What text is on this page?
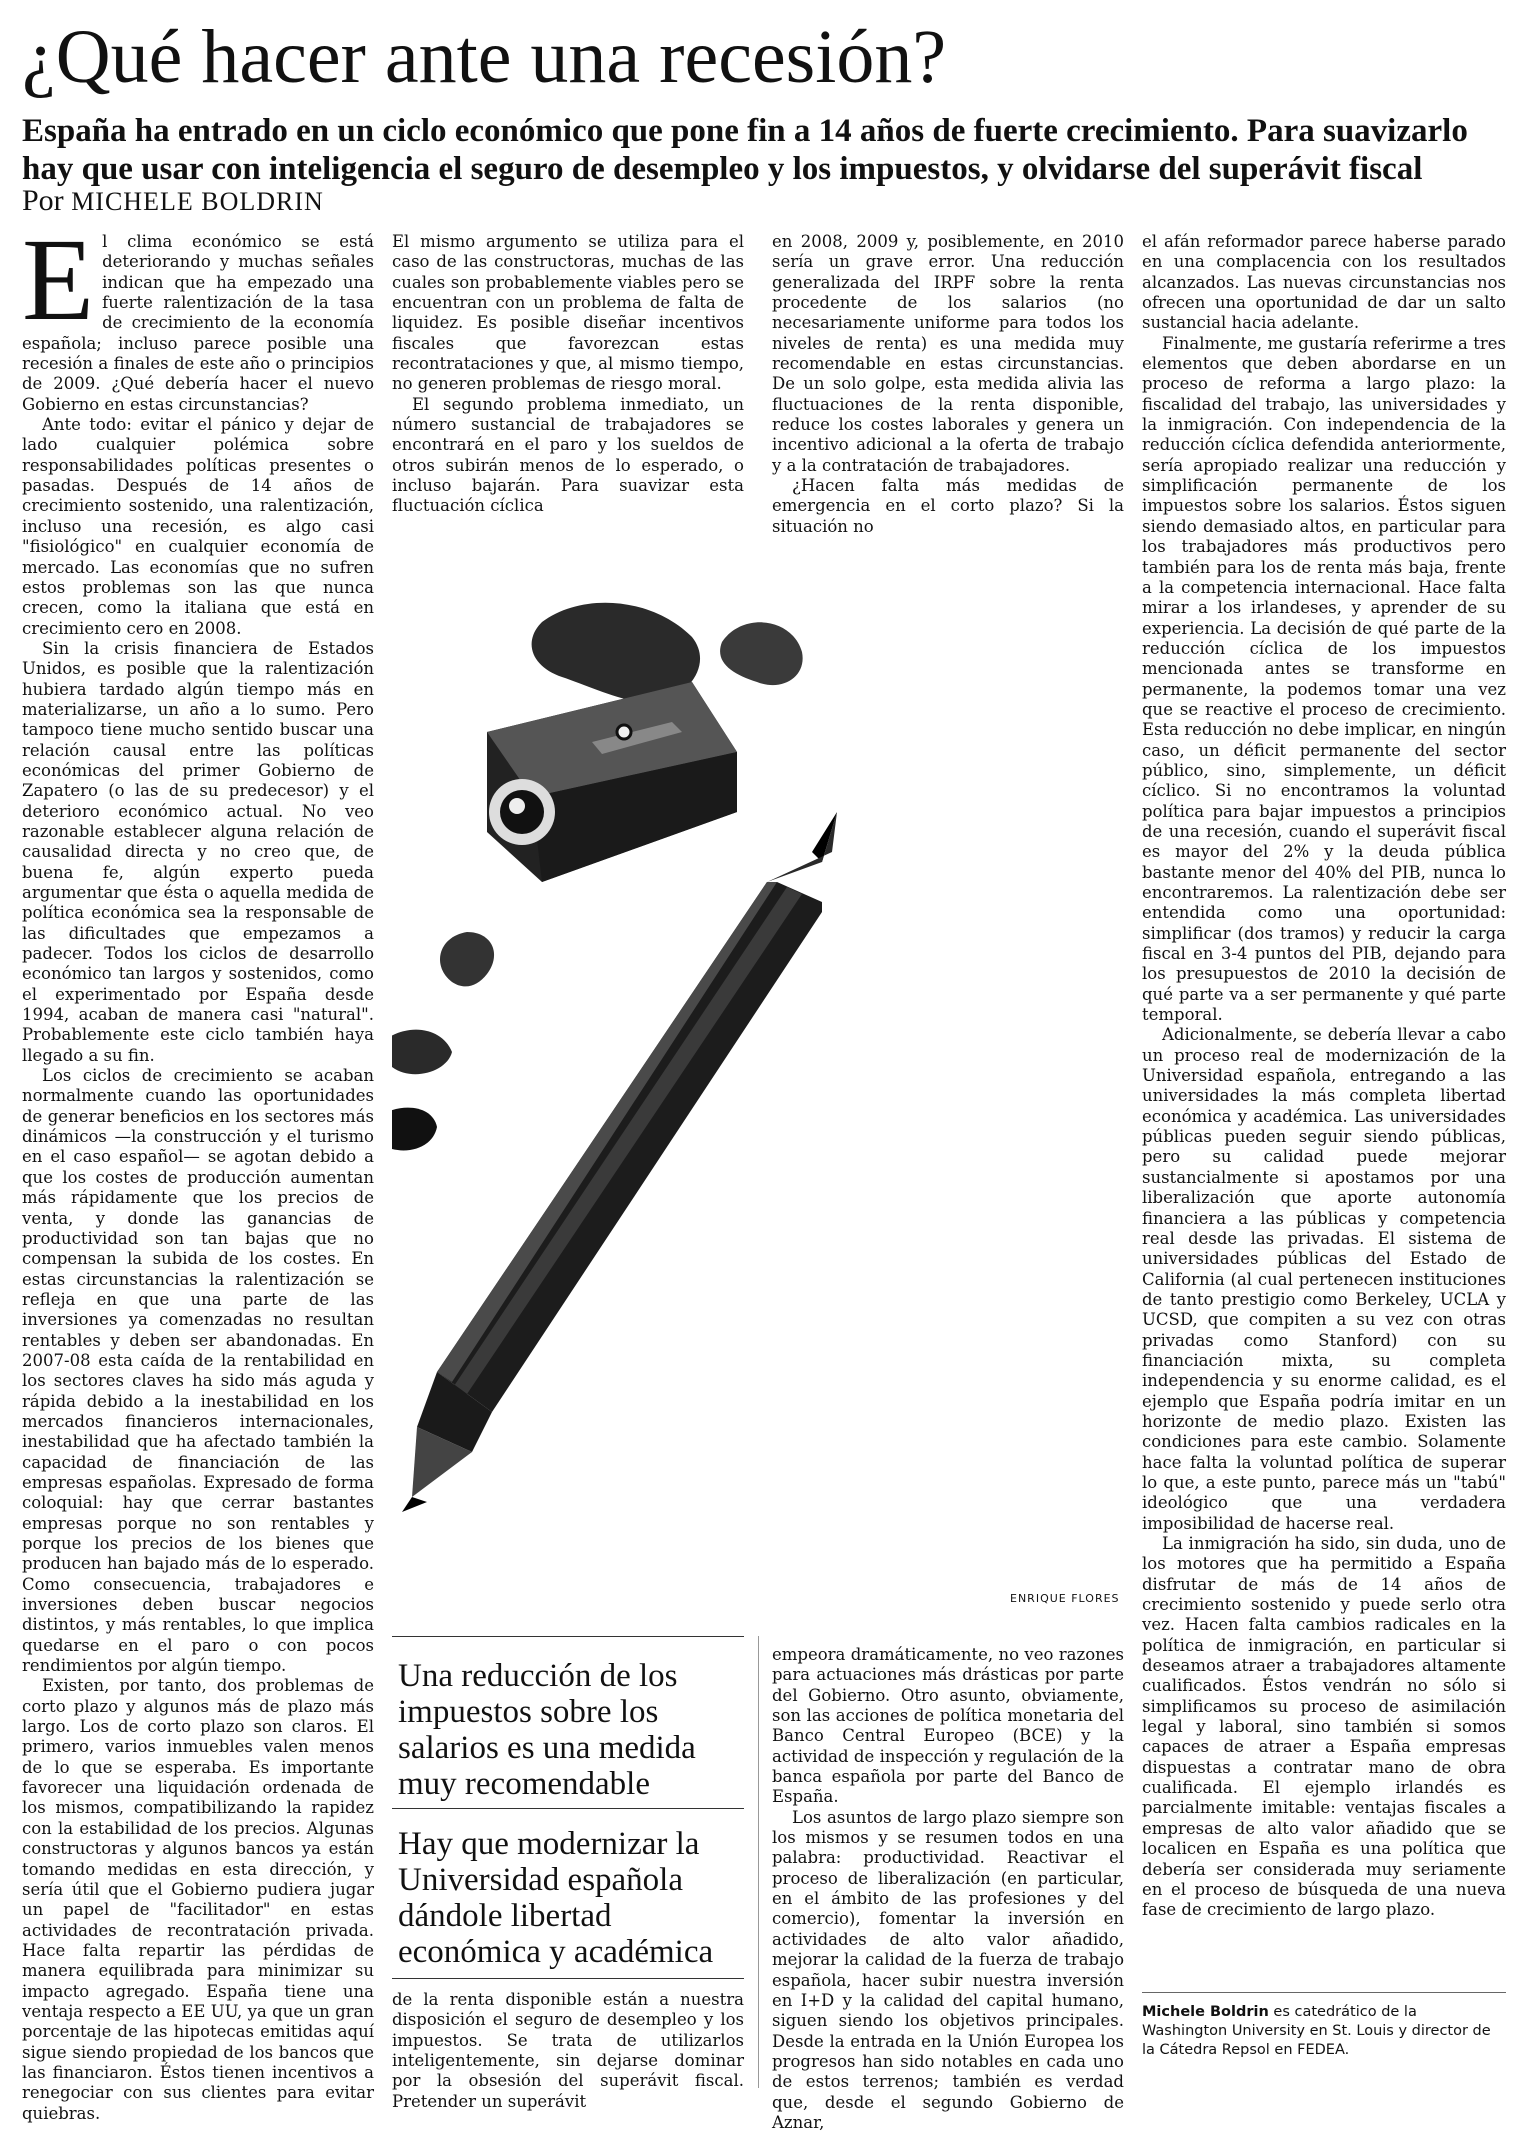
¿Qué hacer ante una recesión?

España ha entrado en un ciclo económico que pone fin a 14 años de fuerte crecimiento. Para suavizarlo hay que usar con inteligencia el seguro de desempleo y los impuestos, y olvidarse del superávit fiscal

Por MICHELE BOLDRIN

El clima económico se está deteriorando y muchas señales indican que ha empezado una fuerte ralentización de la tasa de crecimiento de la economía española; incluso parece posible una recesión a finales de este año o principios de 2009. ¿Qué debería hacer el nuevo Gobierno en estas circunstancias?

Ante todo: evitar el pánico y dejar de lado cualquier polémica sobre responsabilidades políticas presentes o pasadas. Después de 14 años de crecimiento sostenido, una ralentización, incluso una recesión, es algo casi "fisiológico" en cualquier economía de mercado. Las economías que no sufren estos problemas son las que nunca crecen, como la italiana que está en crecimiento cero en 2008.

Sin la crisis financiera de Estados Unidos, es posible que la ralentización hubiera tardado algún tiempo más en materializarse, un año a lo sumo. Pero tampoco tiene mucho sentido buscar una relación causal entre las políticas económicas del primer Gobierno de Zapatero (o las de su predecesor) y el deterioro económico actual. No veo razonable establecer alguna relación de causalidad directa y no creo que, de buena fe, algún experto pueda argumentar que ésta o aquella medida de política económica sea la responsable de las dificultades que empezamos a padecer. Todos los ciclos de desarrollo económico tan largos y sostenidos, como el experimentado por España desde 1994, acaban de manera casi "natural". Probablemente este ciclo también haya llegado a su fin.

Los ciclos de crecimiento se acaban normalmente cuando las oportunidades de generar beneficios en los sectores más dinámicos —la construcción y el turismo en el caso español— se agotan debido a que los costes de producción aumentan más rápidamente que los precios de venta, y donde las ganancias de productividad son tan bajas que no compensan la subida de los costes. En estas circunstancias la ralentización se refleja en que una parte de las inversiones ya comenzadas no resultan rentables y deben ser abandonadas. En 2007-08 esta caída de la rentabilidad en los sectores claves ha sido más aguda y rápida debido a la inestabilidad en los mercados financieros internacionales, inestabilidad que ha afectado también la capacidad de financiación de las empresas españolas. Expresado de forma coloquial: hay que cerrar bastantes empresas porque no son rentables y porque los precios de los bienes que producen han bajado más de lo esperado. Como consecuencia, trabajadores e inversiones deben buscar negocios distintos, y más rentables, lo que implica quedarse en el paro o con pocos rendimientos por algún tiempo.

Existen, por tanto, dos problemas de corto plazo y algunos más de plazo más largo. Los de corto plazo son claros. El primero, varios inmuebles valen menos de lo que se esperaba. Es importante favorecer una liquidación ordenada de los mismos, compatibilizando la rapidez con la estabilidad de los precios. Algunas constructoras y algunos bancos ya están tomando medidas en esta dirección, y sería útil que el Gobierno pudiera jugar un papel de "facilitador" en estas actividades de recontratación privada. Hace falta repartir las pérdidas de manera equilibrada para minimizar su impacto agregado. España tiene una ventaja respecto a EE UU, ya que un gran porcentaje de las hipotecas emitidas aquí sigue siendo propiedad de los bancos que las financiaron. Éstos tienen incentivos a renegociar con sus clientes para evitar quiebras.

El mismo argumento se utiliza para el caso de las constructoras, muchas de las cuales son probablemente viables pero se encuentran con un problema de falta de liquidez. Es posible diseñar incentivos fiscales que favorezcan estas recontrataciones y que, al mismo tiempo, no generen problemas de riesgo moral.

El segundo problema inmediato, un número sustancial de trabajadores se encontrará en el paro y los sueldos de otros subirán menos de lo esperado, o incluso bajarán. Para suavizar esta fluctuación cíclica

en 2008, 2009 y, posiblemente, en 2010 sería un grave error. Una reducción generalizada del IRPF sobre la renta procedente de los salarios (no necesariamente uniforme para todos los niveles de renta) es una medida muy recomendable en estas circunstancias. De un solo golpe, esta medida alivia las fluctuaciones de la renta disponible, reduce los costes laborales y genera un incentivo adicional a la oferta de trabajo y a la contratación de trabajadores.

¿Hacen falta más medidas de emergencia en el corto plazo? Si la situación no

ENRIQUE FLORES
Una reducción de los impuestos sobre los salarios es una medida muy recomendable
Hay que modernizar la Universidad española dándole libertad económica y académica

de la renta disponible están a nuestra disposición el seguro de desempleo y los impuestos. Se trata de utilizarlos inteligentemente, sin dejarse dominar por la obsesión del superávit fiscal. Pretender un superávit

empeora dramáticamente, no veo razones para actuaciones más drásticas por parte del Gobierno. Otro asunto, obviamente, son las acciones de política monetaria del Banco Central Europeo (BCE) y la actividad de inspección y regulación de la banca española por parte del Banco de España.

Los asuntos de largo plazo siempre son los mismos y se resumen todos en una palabra: productividad. Reactivar el proceso de liberalización (en particular, en el ámbito de las profesiones y del comercio), fomentar la inversión en actividades de alto valor añadido, mejorar la calidad de la fuerza de trabajo española, hacer subir nuestra inversión en I+D y la calidad del capital humano, siguen siendo los objetivos principales. Desde la entrada en la Unión Europea los progresos han sido notables en cada uno de estos terrenos; también es verdad que, desde el segundo Gobierno de Aznar,

el afán reformador parece haberse parado en una complacencia con los resultados alcanzados. Las nuevas circunstancias nos ofrecen una oportunidad de dar un salto sustancial hacia adelante.

Finalmente, me gustaría referirme a tres elementos que deben abordarse en un proceso de reforma a largo plazo: la fiscalidad del trabajo, las universidades y la inmigración. Con independencia de la reducción cíclica defendida anteriormente, sería apropiado realizar una reducción y simplificación permanente de los impuestos sobre los salarios. Éstos siguen siendo demasiado altos, en particular para los trabajadores más productivos pero también para los de renta más baja, frente a la competencia internacional. Hace falta mirar a los irlandeses, y aprender de su experiencia. La decisión de qué parte de la reducción cíclica de los impuestos mencionada antes se transforme en permanente, la podemos tomar una vez que se reactive el proceso de crecimiento. Esta reducción no debe implicar, en ningún caso, un déficit permanente del sector público, sino, simplemente, un déficit cíclico. Si no encontramos la voluntad política para bajar impuestos a principios de una recesión, cuando el superávit fiscal es mayor del 2% y la deuda pública bastante menor del 40% del PIB, nunca lo encontraremos. La ralentización debe ser entendida como una oportunidad: simplificar (dos tramos) y reducir la carga fiscal en 3-4 puntos del PIB, dejando para los presupuestos de 2010 la decisión de qué parte va a ser permanente y qué parte temporal.

Adicionalmente, se debería llevar a cabo un proceso real de modernización de la Universidad española, entregando a las universidades la más completa libertad económica y académica. Las universidades públicas pueden seguir siendo públicas, pero su calidad puede mejorar sustancialmente si apostamos por una liberalización que aporte autonomía financiera a las públicas y competencia real desde las privadas. El sistema de universidades públicas del Estado de California (al cual pertenecen instituciones de tanto prestigio como Berkeley, UCLA y UCSD, que compiten a su vez con otras privadas como Stanford) con su financiación mixta, su completa independencia y su enorme calidad, es el ejemplo que España podría imitar en un horizonte de medio plazo. Existen las condiciones para este cambio. Solamente hace falta la voluntad política de superar lo que, a este punto, parece más un "tabú" ideológico que una verdadera imposibilidad de hacerse real.

La inmigración ha sido, sin duda, uno de los motores que ha permitido a España disfrutar de más de 14 años de crecimiento sostenido y puede serlo otra vez. Hacen falta cambios radicales en la política de inmigración, en particular si deseamos atraer a trabajadores altamente cualificados. Éstos vendrán no sólo si simplificamos su proceso de asimilación legal y laboral, sino también si somos capaces de atraer a España empresas dispuestas a contratar mano de obra cualificada. El ejemplo irlandés es parcialmente imitable: ventajas fiscales a empresas de alto valor añadido que se localicen en España es una política que debería ser considerada muy seriamente en el proceso de búsqueda de una nueva fase de crecimiento de largo plazo.

Michele Boldrin es catedrático de la Washington University en St. Louis y director de la Cátedra Repsol en FEDEA.
